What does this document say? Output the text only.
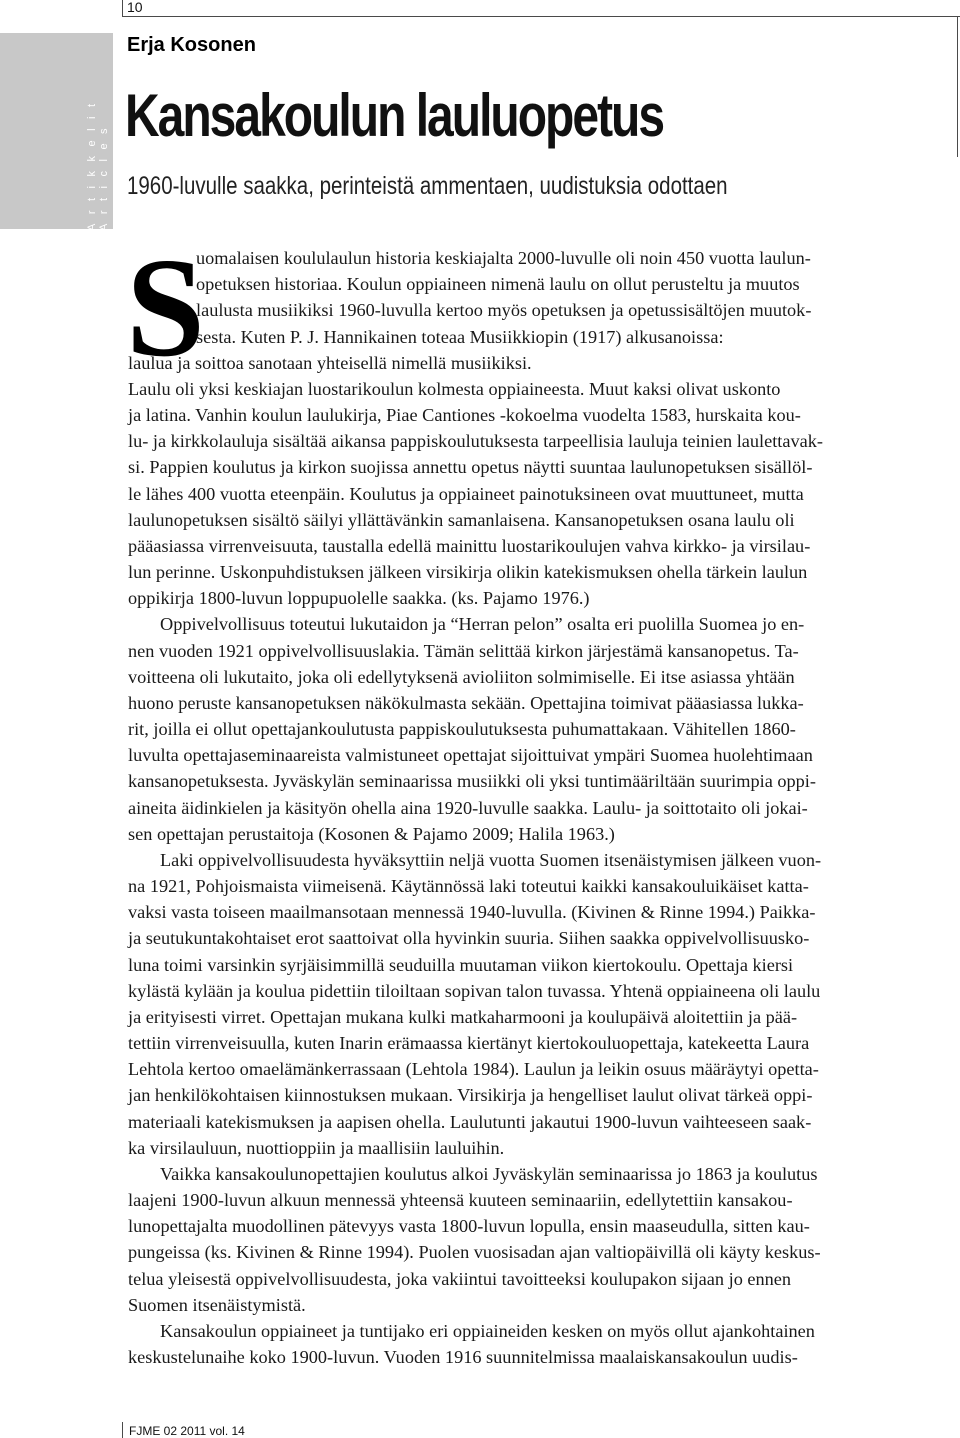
Artikkelit Articles
10
Erja Kosonen
Kansakoulun lauluopetus
1960-luvulle saakka, perinteistä ammentaen, uudistuksia odottaen
S
uomalaisen koululaulun historia keskiajalta 2000-luvulle oli noin 450 vuotta laulun-
opetuksen historiaa. Koulun oppiaineen nimenä laulu on ollut perusteltu ja muutos
laulusta musiikiksi 1960-luvulla kertoo myös opetuksen ja opetussisältöjen muutok-
sesta. Kuten P. J. Hannikainen toteaa Musiikkiopin (1917) alkusanoissa:
laulua ja soittoa sanotaan yhteisellä nimellä musiikiksi.
Laulu oli yksi keskiajan luostarikoulun kolmesta oppiaineesta. Muut kaksi olivat uskonto
ja latina. Vanhin koulun laulukirja, Piae Cantiones -kokoelma vuodelta 1583, hurskaita kou-
lu- ja kirkkolauluja sisältää aikansa pappiskoulutuksesta tarpeellisia lauluja teinien laulettavak-
si. Pappien koulutus ja kirkon suojissa annettu opetus näytti suuntaa laulunopetuksen sisällöl-
le lähes 400 vuotta eteenpäin. Koulutus ja oppiaineet painotuksineen ovat muuttuneet, mutta
laulunopetuksen sisältö säilyi yllättävänkin samanlaisena. Kansanopetuksen osana laulu oli
pääasiassa virrenveisuuta, taustalla edellä mainittu luostarikoulujen vahva kirkko- ja virsilau-
lun perinne. Uskonpuhdistuksen jälkeen virsikirja olikin katekismuksen ohella tärkein laulun
oppikirja 1800-luvun loppupuolelle saakka. (ks. Pajamo 1976.)
Oppivelvollisuus toteutui lukutaidon ja “Herran pelon” osalta eri puolilla Suomea jo en-
nen vuoden 1921 oppivelvollisuuslakia. Tämän selittää kirkon järjestämä kansanopetus. Ta-
voitteena oli lukutaito, joka oli edellytyksenä avioliiton solmimiselle. Ei itse asiassa yhtään
huono peruste kansanopetuksen näkökulmasta sekään. Opettajina toimivat pääasiassa lukka-
rit, joilla ei ollut opettajankoulutusta pappiskoulutuksesta puhumattakaan. Vähitellen 1860-
luvulta opettajaseminaareista valmistuneet opettajat sijoittuivat ympäri Suomea huolehtimaan
kansanopetuksesta. Jyväskylän seminaarissa musiikki oli yksi tuntimääriltään suurimpia oppi-
aineita äidinkielen ja käsityön ohella aina 1920-luvulle saakka. Laulu- ja soittotaito oli jokai-
sen opettajan perustaitoja (Kosonen & Pajamo 2009; Halila 1963.)
Laki oppivelvollisuudesta hyväksyttiin neljä vuotta Suomen itsenäistymisen jälkeen vuon-
na 1921, Pohjoismaista viimeisenä. Käytännössä laki toteutui kaikki kansakouluikäiset katta-
vaksi vasta toiseen maailmansotaan mennessä 1940-luvulla. (Kivinen & Rinne 1994.) Paikka-
ja seutukuntakohtaiset erot saattoivat olla hyvinkin suuria. Siihen saakka oppivelvollisuusko-
luna toimi varsinkin syrjäisimmillä seuduilla muutaman viikon kiertokoulu. Opettaja kiersi
kylästä kylään ja koulua pidettiin tiloiltaan sopivan talon tuvassa. Yhtenä oppiaineena oli laulu
ja erityisesti virret. Opettajan mukana kulki matkaharmooni ja koulupäivä aloitettiin ja pää-
tettiin virrenveisuulla, kuten Inarin erämaassa kiertänyt kiertokouluopettaja, katekeetta Laura
Lehtola kertoo omaelämänkerrassaan (Lehtola 1984). Laulun ja leikin osuus määräytyi opetta-
jan henkilökohtaisen kiinnostuksen mukaan. Virsikirja ja hengelliset laulut olivat tärkeä oppi-
materiaali katekismuksen ja aapisen ohella. Laulutunti jakautui 1900-luvun vaihteeseen saak-
ka virsilauluun, nuottioppiin ja maallisiin lauluihin.
Vaikka kansakoulunopettajien koulutus alkoi Jyväskylän seminaarissa jo 1863 ja koulutus
laajeni 1900-luvun alkuun mennessä yhteensä kuuteen seminaariin, edellytettiin kansakou-
lunopettajalta muodollinen pätevyys vasta 1800-luvun lopulla, ensin maaseudulla, sitten kau-
pungeissa (ks. Kivinen & Rinne 1994). Puolen vuosisadan ajan valtiopäivillä oli käyty keskus-
telua yleisestä oppivelvollisuudesta, joka vakiintui tavoitteeksi koulupakon sijaan jo ennen
Suomen itsenäistymistä.
Kansakoulun oppiaineet ja tuntijako eri oppiaineiden kesken on myös ollut ajankohtainen
keskustelunaihe koko 1900-luvun. Vuoden 1916 suunnitelmissa maalaiskansakoulun uudis-
FJME 02 2011 vol. 14
